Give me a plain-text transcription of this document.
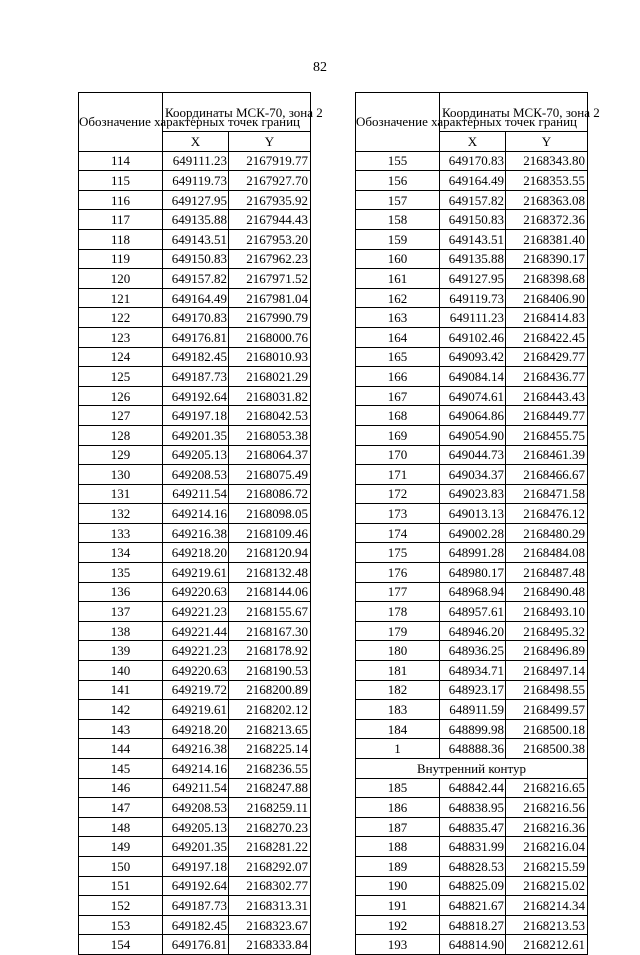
82
Обозначение характерных точек границ	Координаты МСК-70, зона 2	
	X	Y
114	649111.23	2167919.77
115	649119.73	2167927.70
116	649127.95	2167935.92
117	649135.88	2167944.43
118	649143.51	2167953.20
119	649150.83	2167962.23
120	649157.82	2167971.52
121	649164.49	2167981.04
122	649170.83	2167990.79
123	649176.81	2168000.76
124	649182.45	2168010.93
125	649187.73	2168021.29
126	649192.64	2168031.82
127	649197.18	2168042.53
128	649201.35	2168053.38
129	649205.13	2168064.37
130	649208.53	2168075.49
131	649211.54	2168086.72
132	649214.16	2168098.05
133	649216.38	2168109.46
134	649218.20	2168120.94
135	649219.61	2168132.48
136	649220.63	2168144.06
137	649221.23	2168155.67
138	649221.44	2168167.30
139	649221.23	2168178.92
140	649220.63	2168190.53
141	649219.72	2168200.89
142	649219.61	2168202.12
143	649218.20	2168213.65
144	649216.38	2168225.14
145	649214.16	2168236.55
146	649211.54	2168247.88
147	649208.53	2168259.11
148	649205.13	2168270.23
149	649201.35	2168281.22
150	649197.18	2168292.07
151	649192.64	2168302.77
152	649187.73	2168313.31
153	649182.45	2168323.67
154	649176.81	2168333.84
Обозначение характерных точек границ	Координаты МСК-70, зона 2	
	X	Y
155	649170.83	2168343.80
156	649164.49	2168353.55
157	649157.82	2168363.08
158	649150.83	2168372.36
159	649143.51	2168381.40
160	649135.88	2168390.17
161	649127.95	2168398.68
162	649119.73	2168406.90
163	649111.23	2168414.83
164	649102.46	2168422.45
165	649093.42	2168429.77
166	649084.14	2168436.77
167	649074.61	2168443.43
168	649064.86	2168449.77
169	649054.90	2168455.75
170	649044.73	2168461.39
171	649034.37	2168466.67
172	649023.83	2168471.58
173	649013.13	2168476.12
174	649002.28	2168480.29
175	648991.28	2168484.08
176	648980.17	2168487.48
177	648968.94	2168490.48
178	648957.61	2168493.10
179	648946.20	2168495.32
180	648936.25	2168496.89
181	648934.71	2168497.14
182	648923.17	2168498.55
183	648911.59	2168499.57
184	648899.98	2168500.18
1	648888.36	2168500.38
Внутренний контур		
185	648842.44	2168216.65
186	648838.95	2168216.56
187	648835.47	2168216.36
188	648831.99	2168216.04
189	648828.53	2168215.59
190	648825.09	2168215.02
191	648821.67	2168214.34
192	648818.27	2168213.53
193	648814.90	2168212.61
